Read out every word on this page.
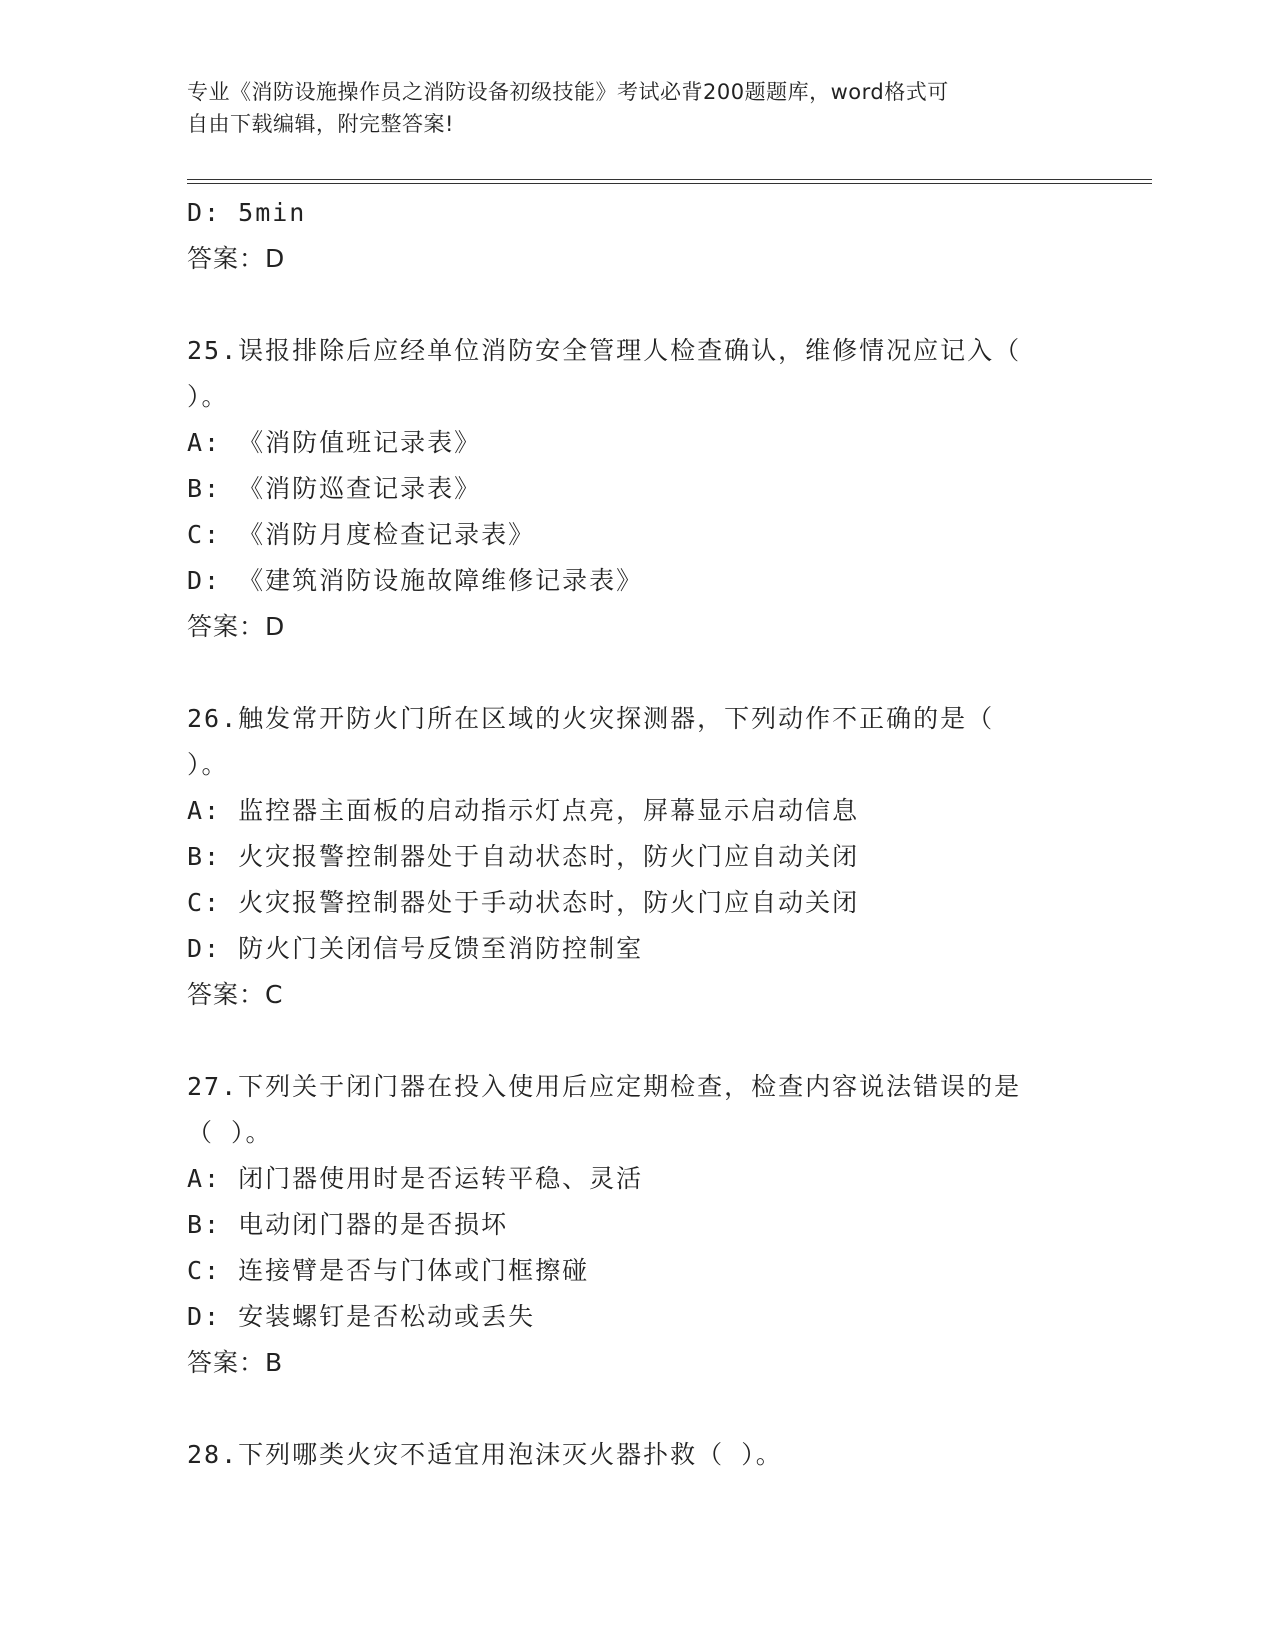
专业《消防设施操作员之消防设备初级技能》考试必背200题题库，word格式可
自由下载编辑，附完整答案!
D: 5min
答案：D
25.误报排除后应经单位消防安全管理人检查确认，维修情况应记入（
）。
A: 《消防值班记录表》
B: 《消防巡查记录表》
C: 《消防月度检查记录表》
D: 《建筑消防设施故障维修记录表》
答案：D
26.触发常开防火门所在区域的火灾探测器，下列动作不正确的是（
）。
A: 监控器主面板的启动指示灯点亮，屏幕显示启动信息
B: 火灾报警控制器处于自动状态时，防火门应自动关闭
C: 火灾报警控制器处于手动状态时，防火门应自动关闭
D: 防火门关闭信号反馈至消防控制室
答案：C
27.下列关于闭门器在投入使用后应定期检查，检查内容说法错误的是
（ ）。
A: 闭门器使用时是否运转平稳、灵活
B: 电动闭门器的是否损坏
C: 连接臂是否与门体或门框擦碰
D: 安装螺钉是否松动或丢失
答案：B
28.下列哪类火灾不适宜用泡沫灭火器扑救（ ）。
